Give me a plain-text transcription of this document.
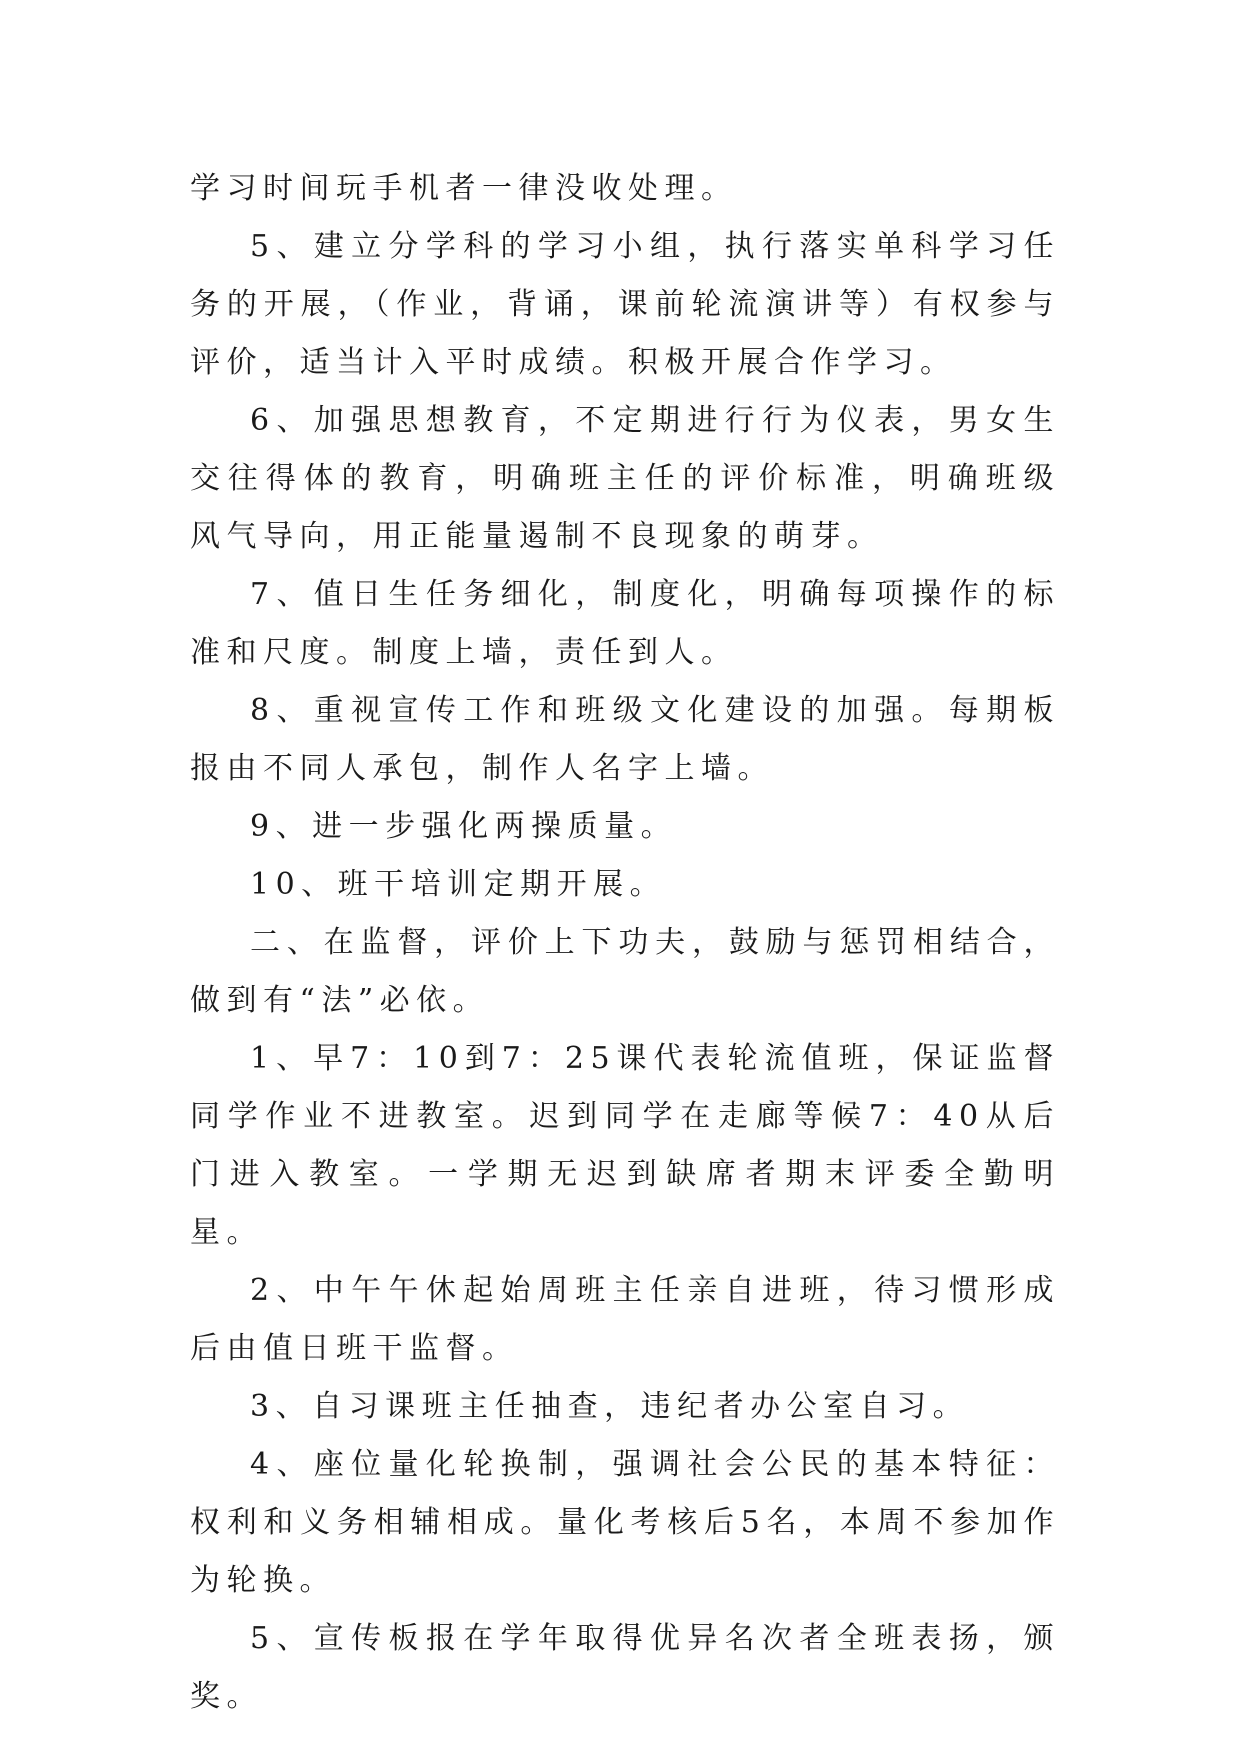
学习时间玩手机者一律没收处理。

5、建立分学科的学习小组，执行落实单科学习任务的开展，（作业，背诵，课前轮流演讲等）有权参与评价，适当计入平时成绩。积极开展合作学习。

6、加强思想教育，不定期进行行为仪表，男女生交往得体的教育，明确班主任的评价标准，明确班级风气导向，用正能量遏制不良现象的萌芽。

7、值日生任务细化，制度化，明确每项操作的标准和尺度。制度上墙，责任到人。

8、重视宣传工作和班级文化建设的加强。每期板报由不同人承包，制作人名字上墙。

9、进一步强化两操质量。

10、班干培训定期开展。

二、在监督，评价上下功夫，鼓励与惩罚相结合，做到有“法”必依。

1、早7：10到7：25课代表轮流值班，保证监督同学作业不进教室。迟到同学在走廊等候7：40从后门进入教室。一学期无迟到缺席者期末评委全勤明星。

2、中午午休起始周班主任亲自进班，待习惯形成后由值日班干监督。

3、自习课班主任抽查，违纪者办公室自习。

4、座位量化轮换制，强调社会公民的基本特征：权利和义务相辅相成。量化考核后5名，本周不参加作为轮换。

5、宣传板报在学年取得优异名次者全班表扬，颁奖。
